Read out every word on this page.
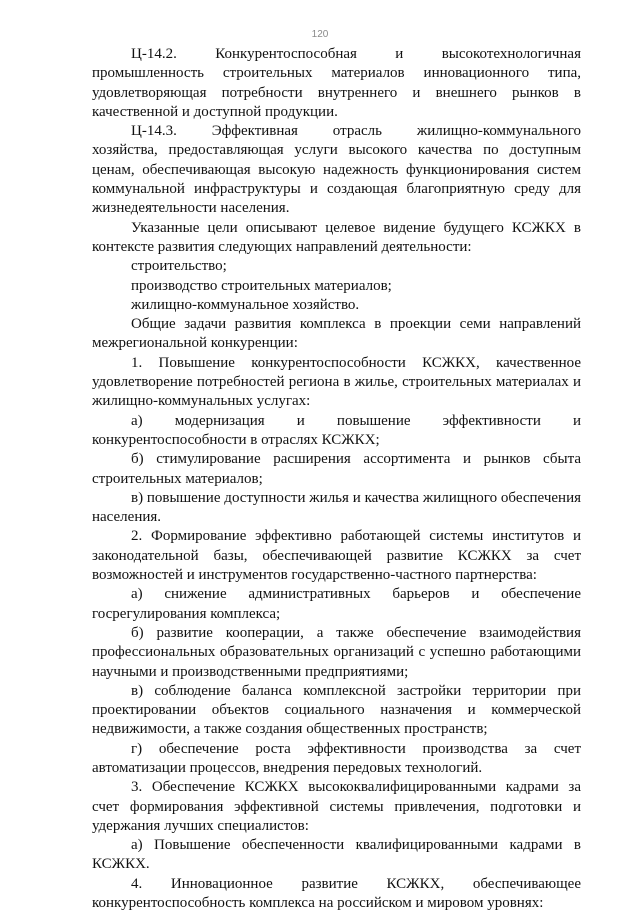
120
Ц-14.2.	Конкурентоспособная	и	высокотехнологичная

промышленность строительных материалов инновационного типа, удовлетворяющая потребности внутреннего и внешнего рынков в качественной и доступной продукции.

Ц-14.3. Эффективная отрасль жилищно-коммунального

хозяйства, предоставляющая услуги высокого качества по доступным ценам, обеспечивающая высокую надежность функционирования систем коммунальной инфраструктуры и создающая благоприятную среду для жизнедеятельности населения.

Указанные цели описывают целевое видение будущего КСЖКХ в контексте развития следующих направлений деятельности:

строительство;

производство строительных материалов;

жилищно-коммунальное хозяйство.

Общие задачи развития комплекса в проекции семи направлений межрегиональной конкуренции:

1. Повышение конкурентоспособности КСЖКХ, качественное удовлетворение потребностей региона в жилье, строительных материалах и жилищно-коммунальных услугах:

а) модернизация и повышение эффективности и конкурентоспособности в отраслях КСЖКХ;

б) стимулирование расширения ассортимента и рынков сбыта строительных материалов;

в) повышение доступности жилья и качества жилищного обеспечения населения.

2. Формирование эффективно работающей системы институтов и законодательной базы, обеспечивающей развитие КСЖКХ за счет возможностей и инструментов государственно-частного партнерства:

а) снижение административных барьеров и обеспечение госрегулирования комплекса;

б) развитие кооперации, а также обеспечение взаимодействия профессиональных образовательных организаций с успешно работающими научными и производственными предприятиями;

в) соблюдение баланса комплексной застройки территории при проектировании объектов социального назначения и коммерческой недвижимости, а также создания общественных пространств;

г) обеспечение роста эффективности производства за счет автоматизации процессов, внедрения передовых технологий.

3. Обеспечение КСЖКХ высококвалифицированными кадрами за счет формирования эффективной системы привлечения, подготовки и удержания лучших специалистов:

а) Повышение обеспеченности квалифицированными кадрами в КСЖКХ.

4. Инновационное развитие КСЖКХ, обеспечивающее конкурентоспособность комплекса на российском и мировом уровнях:
